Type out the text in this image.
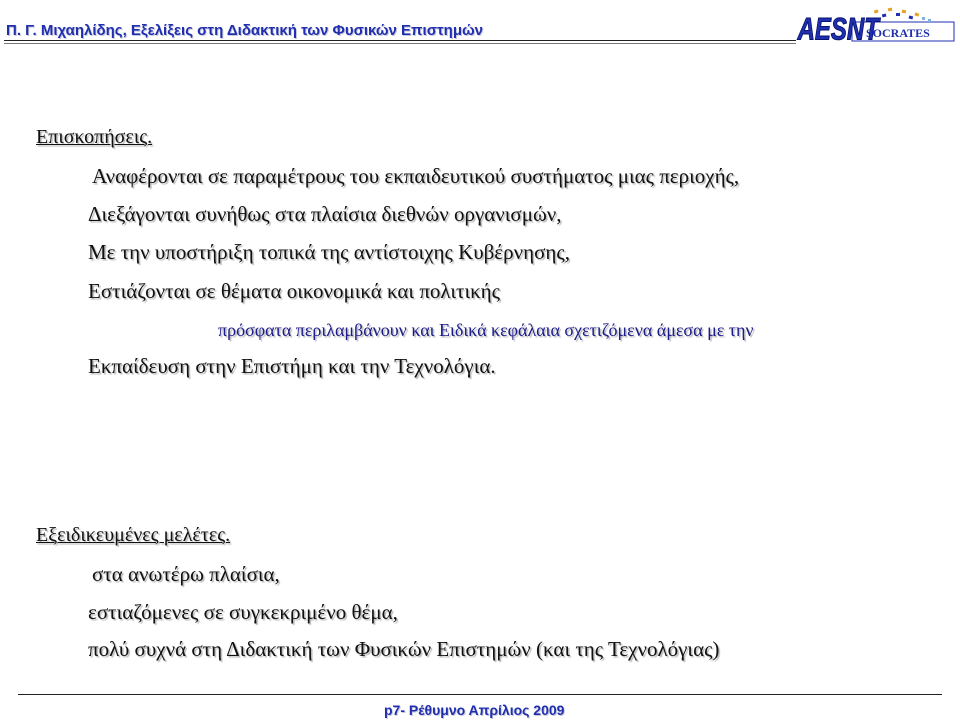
Π. Γ. Μιχαηλίδης, Εξελίξεις στη Διδακτική των Φυσικών Επιστημών	SOCRATES
AESNT
Επισκοπήσεις.
Αναφέρονται σε παραμέτρους του εκπαιδευτικού συστήματος μιας περιοχής,
Διεξάγονται συνήθως στα πλαίσια διεθνών οργανισμών,
Με την υποστήριξη τοπικά της αντίστοιχης Κυβέρνησης,
Εστιάζονται σε θέματα οικονομικά και πολιτικής
πρόσφατα περιλαμβάνουν και Ειδικά κεφάλαια σχετιζόμενα άμεσα με την
Εκπαίδευση στην Επιστήμη και την Τεχνολόγια.
Εξειδικευμένες μελέτες.
στα ανωτέρω πλαίσια,
εστιαζόμενες σε συγκεκριμένο θέμα,
πολύ συχνά στη Διδακτική των Φυσικών Επιστημών (και της Τεχνολόγιας)
p7- Ρέθυμνο Απρίλιος 2009
